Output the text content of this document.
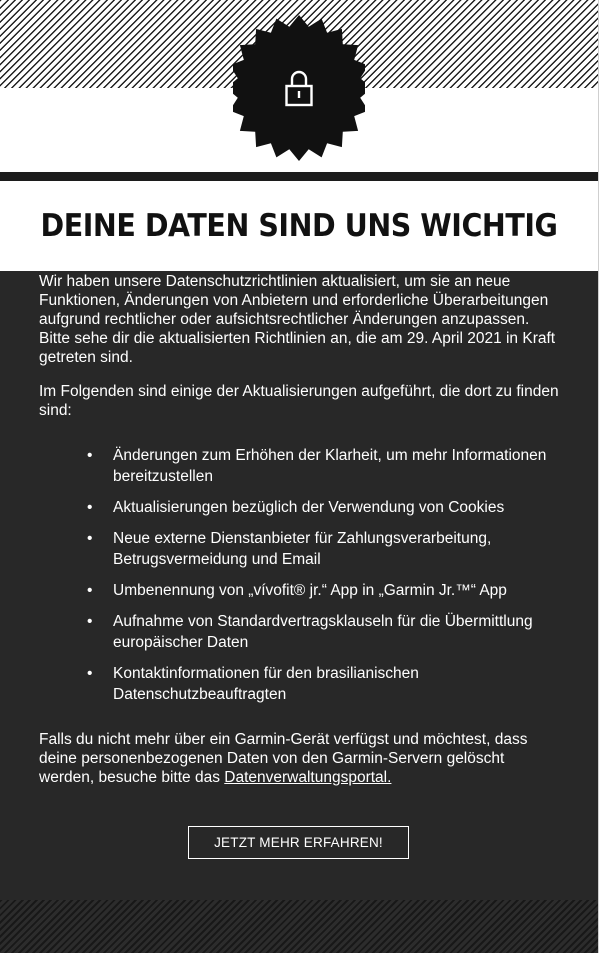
DEINE DATEN SIND UNS WICHTIG

Wir haben unsere Datenschutzrichtlinien aktualisiert, um sie an neue Funktionen, Änderungen von Anbietern und erforderliche Überarbeitungen aufgrund rechtlicher oder aufsichtsrechtlicher Änderungen anzupassen. Bitte sehe dir die aktualisierten Richtlinien an, die am 29. April 2021 in Kraft getreten sind.

Im Folgenden sind einige der Aktualisierungen aufgeführt, die dort zu finden sind:

• Änderungen zum Erhöhen der Klarheit, um mehr Informationen bereitzustellen
• Aktualisierungen bezüglich der Verwendung von Cookies
• Neue externe Dienstanbieter für Zahlungsverarbeitung, Betrugsvermeidung und Email
• Umbenennung von „vívofit® jr.“ App in „Garmin Jr.™“ App
• Aufnahme von Standardvertragsklauseln für die Übermittlung europäischer Daten
• Kontaktinformationen für den brasilianischen Datenschutzbeauftragten

Falls du nicht mehr über ein Garmin-Gerät verfügst und möchtest, dass deine personenbezogenen Daten von den Garmin-Servern gelöscht werden, besuche bitte das Datenverwaltungsportal.

JETZT MEHR ERFAHREN!
